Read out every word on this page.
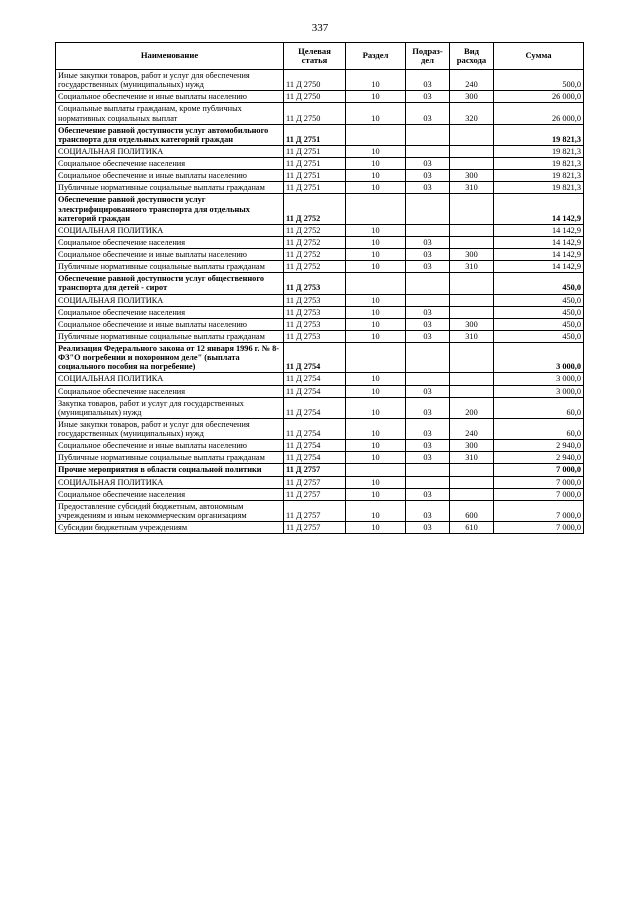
337
Наименование	Целевая статья	Раздел	Подраз-дел	Вид расхода	Сумма
Иные закупки товаров, работ и услуг для обеспечения государственных (муниципальных) нужд	11 Д 2750	10	03	240	500,0
Социальное обеспечение и иные выплаты населению	11 Д 2750	10	03	300	26 000,0
Социальные выплаты гражданам, кроме публичных нормативных социальных выплат	11 Д 2750	10	03	320	26 000,0
Обеспечение равной доступности услуг автомобильного транспорта для отдельных категорий граждан	11 Д 2751				19 821,3
СОЦИАЛЬНАЯ ПОЛИТИКА	11 Д 2751	10			19 821,3
Социальное обеспечение населения	11 Д 2751	10	03		19 821,3
Социальное обеспечение и иные выплаты населению	11 Д 2751	10	03	300	19 821,3
Публичные нормативные социальные выплаты гражданам	11 Д 2751	10	03	310	19 821,3
Обеспечение равной доступности услуг электрифицированного транспорта для отдельных категорий граждан	11 Д 2752				14 142,9
СОЦИАЛЬНАЯ ПОЛИТИКА	11 Д 2752	10			14 142,9
Социальное обеспечение населения	11 Д 2752	10	03		14 142,9
Социальное обеспечение и иные выплаты населению	11 Д 2752	10	03	300	14 142,9
Публичные нормативные социальные выплаты гражданам	11 Д 2752	10	03	310	14 142,9
Обеспечение равной доступности услуг общественного транспорта для детей - сирот	11 Д 2753				450,0
СОЦИАЛЬНАЯ ПОЛИТИКА	11 Д 2753	10			450,0
Социальное обеспечение населения	11 Д 2753	10	03		450,0
Социальное обеспечение и иные выплаты населению	11 Д 2753	10	03	300	450,0
Публичные нормативные социальные выплаты гражданам	11 Д 2753	10	03	310	450,0
Реализация Федерального закона от 12 января 1996 г. № 8-ФЗ"О погребении и похоронном деле" (выплата социального пособия на погребение)	11 Д 2754				3 000,0
СОЦИАЛЬНАЯ ПОЛИТИКА	11 Д 2754	10			3 000,0
Социальное обеспечение населения	11 Д 2754	10	03		3 000,0
Закупка товаров, работ и услуг для государственных (муниципальных) нужд	11 Д 2754	10	03	200	60,0
Иные закупки товаров, работ и услуг для обеспечения государственных (муниципальных) нужд	11 Д 2754	10	03	240	60,0
Социальное обеспечение и иные выплаты населению	11 Д 2754	10	03	300	2 940,0
Публичные нормативные социальные выплаты гражданам	11 Д 2754	10	03	310	2 940,0
Прочие мероприятия в области социальной политики	11 Д 2757				7 000,0
СОЦИАЛЬНАЯ ПОЛИТИКА	11 Д 2757	10			7 000,0
Социальное обеспечение населения	11 Д 2757	10	03		7 000,0
Предоставление субсидий бюджетным, автономным учреждениям и иным некоммерческим организациям	11 Д 2757	10	03	600	7 000,0
Субсидии бюджетным учреждениям	11 Д 2757	10	03	610	7 000,0
